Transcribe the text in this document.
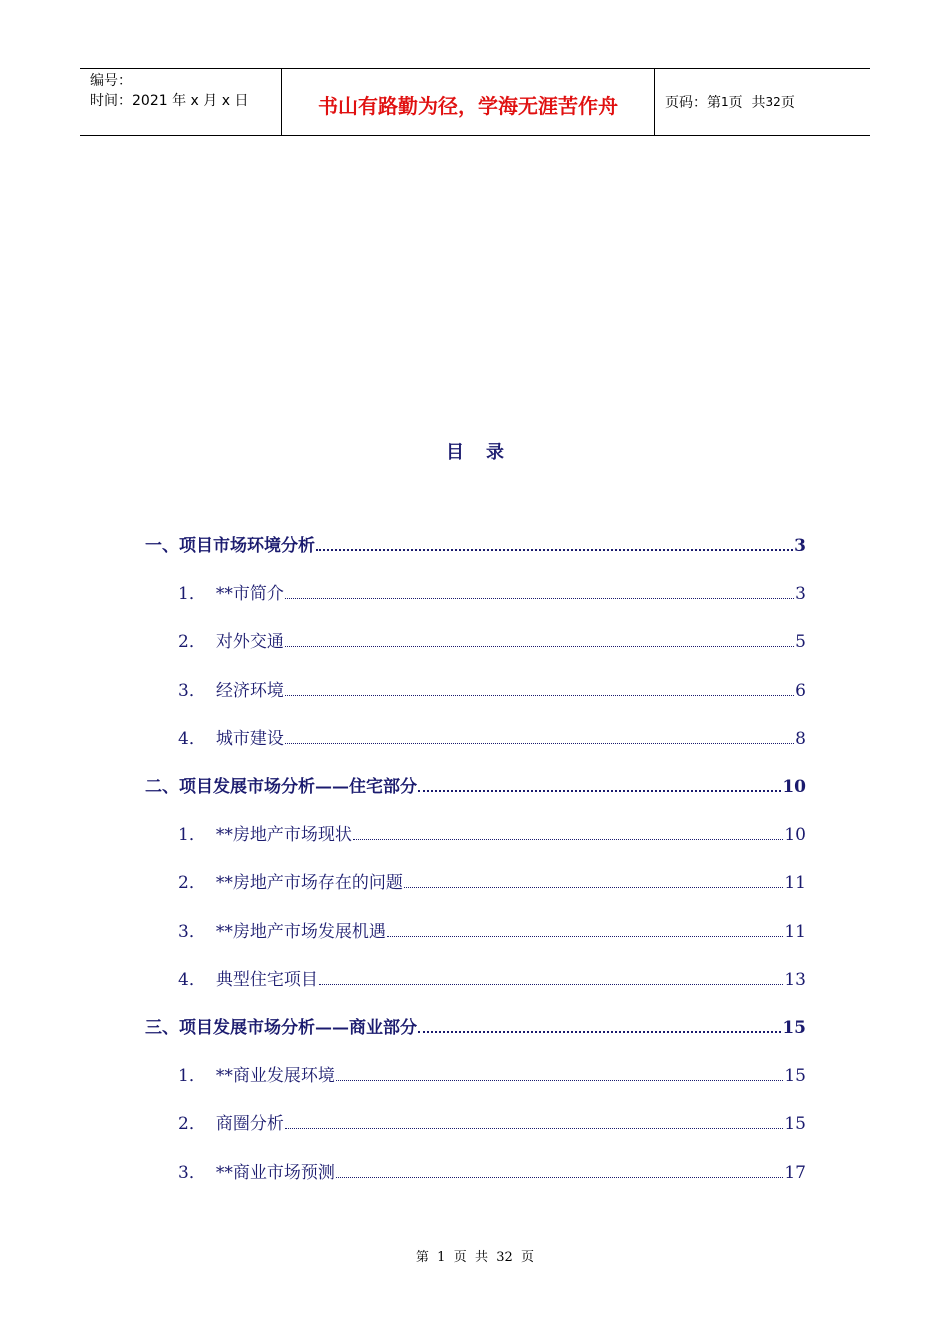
编号：
时间：2021 年 x 月 x 日	书山有路勤为径，学海无涯苦作舟	页码：第 1 页  共 32 页
目 录
一、 项目市场环境分析	3
1． **市简介	3
2． 对外交通	5
3． 经济环境	6
4． 城市建设	8
二、 项目发展市场分析——住宅部分	10
1． **房地产市场现状	10
2． **房地产市场存在的问题	11
3． **房地产市场发展机遇	11
4． 典型住宅项目	13
三、 项目发展市场分析——商业部分	15
1． **商业发展环境	15
2． 商圈分析	15
3． **商业市场预测	17
第  1  页  共  32  页
